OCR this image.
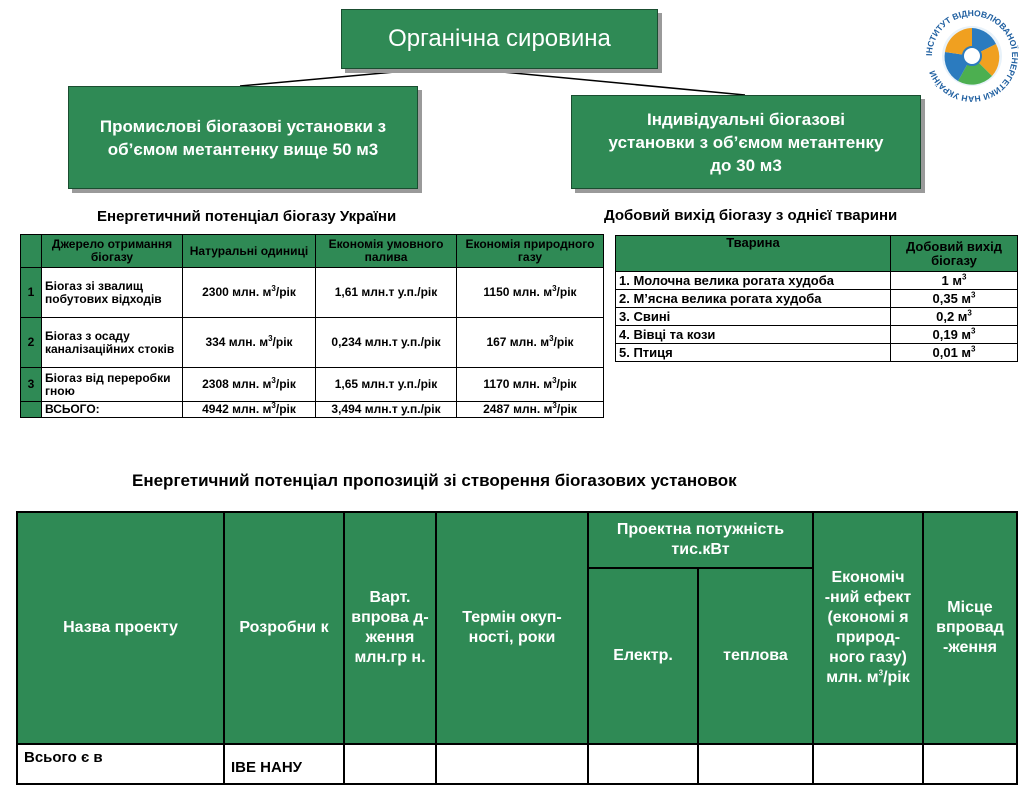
Органічна сировина
Промислові біогазові установки з об’ємом метантенку вище 50 м3
Індивідуальні біогазові установки з об’ємом метантенку до 30 м3
ІНСТИТУТ ВІДНОВЛЮВАНОЇ ЕНЕРГЕТИКИ НАН УКРАЇНИ
Енергетичний потенціал біогазу України
	Джерело отримання біогазу	Натуральні одиниці	Економія умовного палива	Економія природного газу
1	Біогаз зі звалищ побутових відходів	2300 млн. $м^3$/рік	1,61 млн.т у.п./рік	1150 млн. $м^3$/рік
2	Біогаз з осаду каналізаційних стоків	334 млн. $м^3$/рік	0,234 млн.т у.п./рік	167 млн. $м^3$/рік
3	Біогаз від переробки гною	2308 млн. $м^3$/рік	1,65 млн.т у.п./рік	1170 млн. $м^3$/рік
	ВСЬОГО:	4942 млн. $м^3$/рік	3,494 млн.т у.п./рік	2487 млн. $м^3$/рік
Добовий вихід біогазу з однієї тварини
Тварина	Добовий вихід біогазу
1. Молочна велика рогата худоба	1 $м^3$
2. М’ясна велика рогата худоба	0,35 $м^3$
3. Свині	0,2 $м^3$
4. Вівці та кози	0,19 $м^3$
5. Птиця	0,01 $м^3$
Енергетичний потенціал пропозицій зі створення біогазових установок
Назва проекту	Розробни к	Варт. впрова д- ження млн.гр н.	Термін окуп- ності, роки	Проектна потужність тис.кВт		Економіч -ний ефект (економі я природ- ного газу) млн. $м^3$/рік	Місце впровад -ження
				Електр.	теплова		
Всього є в	ІВЕ НАНУ						
